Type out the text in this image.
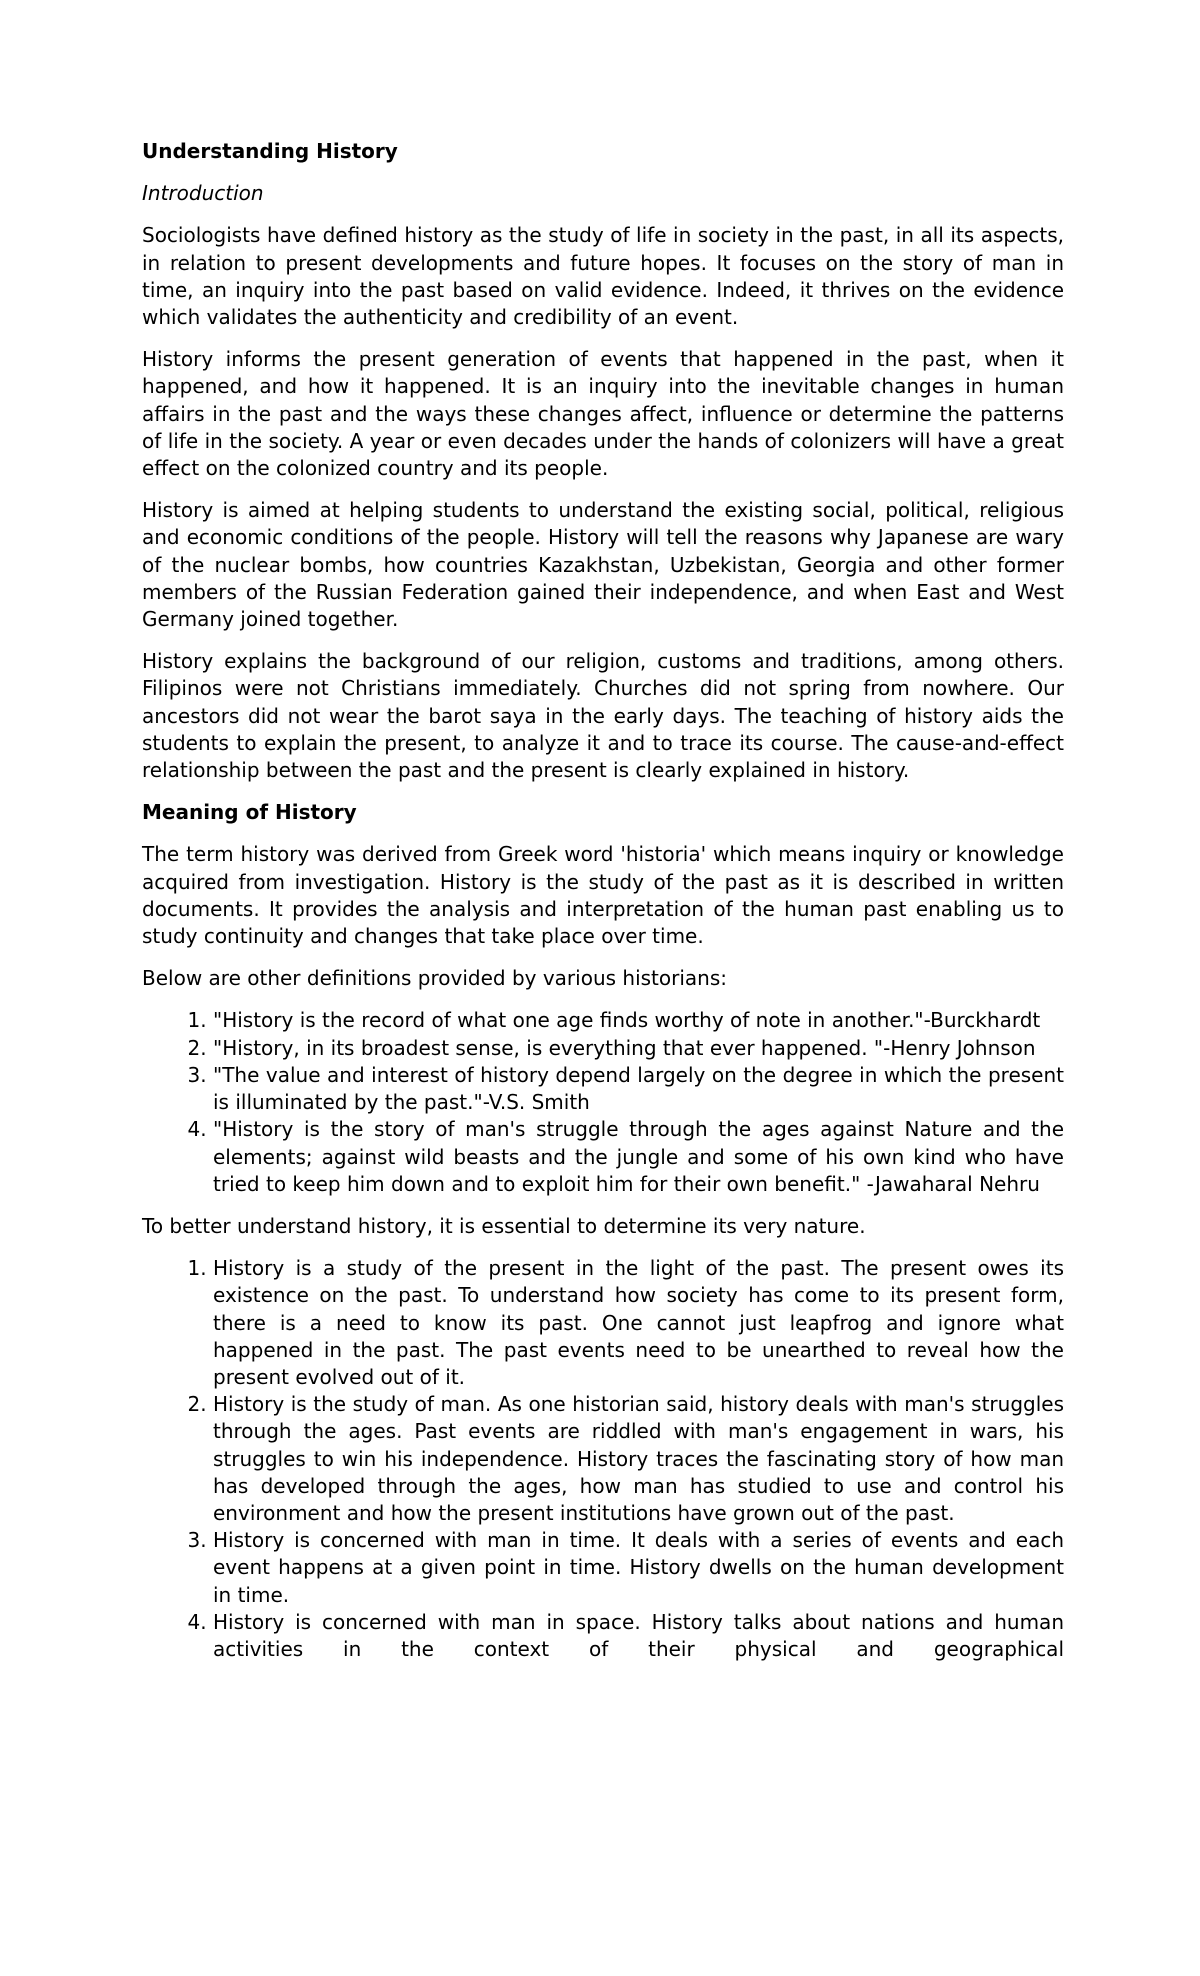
Understanding History
Introduction

Sociologists have defined history as the study of life in society in the past, in all its aspects, in relation to present developments and future hopes. It focuses on the story of man in time, an inquiry into the past based on valid evidence. Indeed, it thrives on the evidence which validates the authenticity and credibility of an event.

History informs the present generation of events that happened in the past, when it happened, and how it happened. It is an inquiry into the inevitable changes in human affairs in the past and the ways these changes affect, influence or determine the patterns of life in the society. A year or even decades under the hands of colonizers will have a great effect on the colonized country and its people.

History is aimed at helping students to understand the existing social, political, religious and economic conditions of the people. History will tell the reasons why Japanese are wary of the nuclear bombs, how countries Kazakhstan, Uzbekistan, Georgia and other former members of the Russian Federation gained their independence, and when East and West Germany joined together.

History explains the background of our religion, customs and traditions, among others. Filipinos were not Christians immediately. Churches did not spring from nowhere. Our ancestors did not wear the barot saya in the early days. The teaching of history aids the students to explain the present, to analyze it and to trace its course. The cause-and-effect relationship between the past and the present is clearly explained in history.

Meaning of History

The term history was derived from Greek word 'historia' which means inquiry or knowledge acquired from investigation. History is the study of the past as it is described in written documents. It provides the analysis and interpretation of the human past enabling us to study continuity and changes that take place over time.

Below are other definitions provided by various historians:

1. "History is the record of what one age finds worthy of note in another."-Burckhardt
2. "History, in its broadest sense, is everything that ever happened. "-Henry Johnson
3. "The value and interest of history depend largely on the degree in which the present is illuminated by the past."-V.S. Smith
4. "History is the story of man's struggle through the ages against Nature and the elements; against wild beasts and the jungle and some of his own kind who have tried to keep him down and to exploit him for their own benefit." -Jawaharal Nehru

To better understand history, it is essential to determine its very nature.

1. History is a study of the present in the light of the past. The present owes its existence on the past. To understand how society has come to its present form, there is a need to know its past. One cannot just leapfrog and ignore what happened in the past. The past events need to be unearthed to reveal how the present evolved out of it.
2. History is the study of man. As one historian said, history deals with man's struggles through the ages. Past events are riddled with man's engagement in wars, his struggles to win his independence. History traces the fascinating story of how man has developed through the ages, how man has studied to use and control his environment and how the present institutions have grown out of the past.
3. History is concerned with man in time. It deals with a series of events and each event happens at a given point in time. History dwells on the human development in time.
4. History is concerned with man in space. History talks about nations and human activities in the context of their physical and geographical
